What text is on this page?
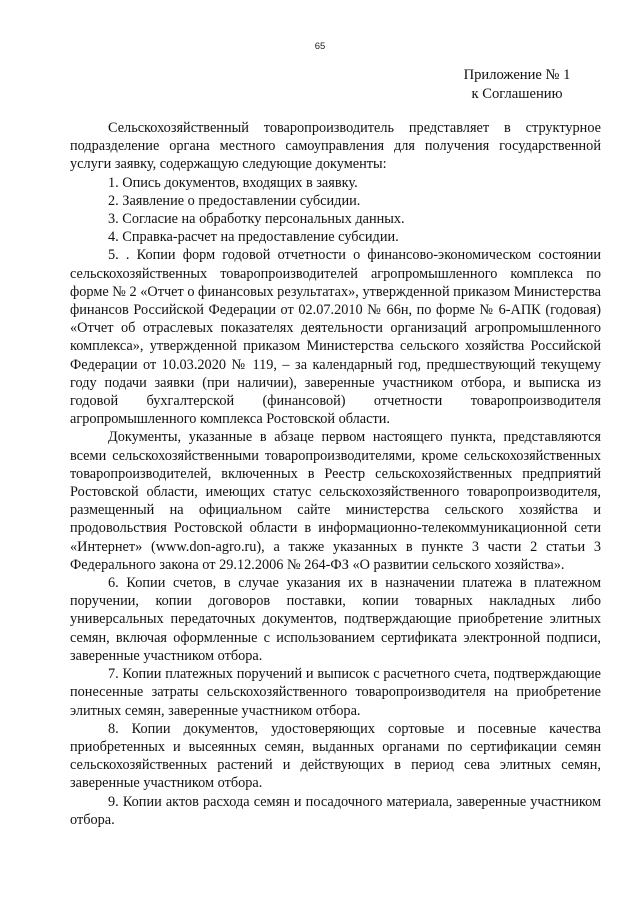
65
Приложение № 1
к Соглашению

Сельскохозяйственный товаропроизводитель представляет в структурное подразделение органа местного самоуправления для получения государственной услуги заявку, содержащую следующие документы:

1. Опись документов, входящих в заявку.

2. Заявление о предоставлении субсидии.

3. Согласие на обработку персональных данных.

4. Справка-расчет на предоставление субсидии.

5. . Копии форм годовой отчетности о финансово-экономическом состоянии сельскохозяйственных товаропроизводителей агропромышленного комплекса по форме № 2 «Отчет о финансовых результатах», утвержденной приказом Министерства финансов Российской Федерации от 02.07.2010 № 66н, по форме № 6-АПК (годовая) «Отчет об отраслевых показателях деятельности организаций агропромышленного комплекса», утвержденной приказом Министерства сельского хозяйства Российской Федерации от 10.03.2020 № 119, – за календарный год, предшествующий текущему году подачи заявки (при наличии), заверенные участником отбора, и выписка из годовой бухгалтерской (финансовой) отчетности товаропроизводителя агропромышленного комплекса Ростовской области.

Документы, указанные в абзаце первом настоящего пункта, представляются всеми сельскохозяйственными товаропроизводителями, кроме сельскохозяйственных товаропроизводителей, включенных в Реестр сельскохозяйственных предприятий Ростовской области, имеющих статус сельскохозяйственного товаропроизводителя, размещенный на официальном сайте министерства сельского хозяйства и продовольствия Ростовской области в информационно-телекоммуникационной сети «Интернет» (www.don-agro.ru), а также указанных в пункте 3 части 2 статьи 3 Федерального закона от 29.12.2006 № 264-ФЗ «О развитии сельского хозяйства».

6. Копии счетов, в случае указания их в назначении платежа в платежном поручении, копии договоров поставки, копии товарных накладных либо универсальных передаточных документов, подтверждающие приобретение элитных семян, включая оформленные с использованием сертификата электронной подписи, заверенные участником отбора.

7. Копии платежных поручений и выписок с расчетного счета, подтверждающие понесенные затраты сельскохозяйственного товаропроизводителя на приобретение элитных семян, заверенные участником отбора.

8. Копии документов, удостоверяющих сортовые и посевные качества приобретенных и высеянных семян, выданных органами по сертификации семян сельскохозяйственных растений и действующих в период сева элитных семян, заверенные участником отбора.

9. Копии актов расхода семян и посадочного материала, заверенные участником отбора.
